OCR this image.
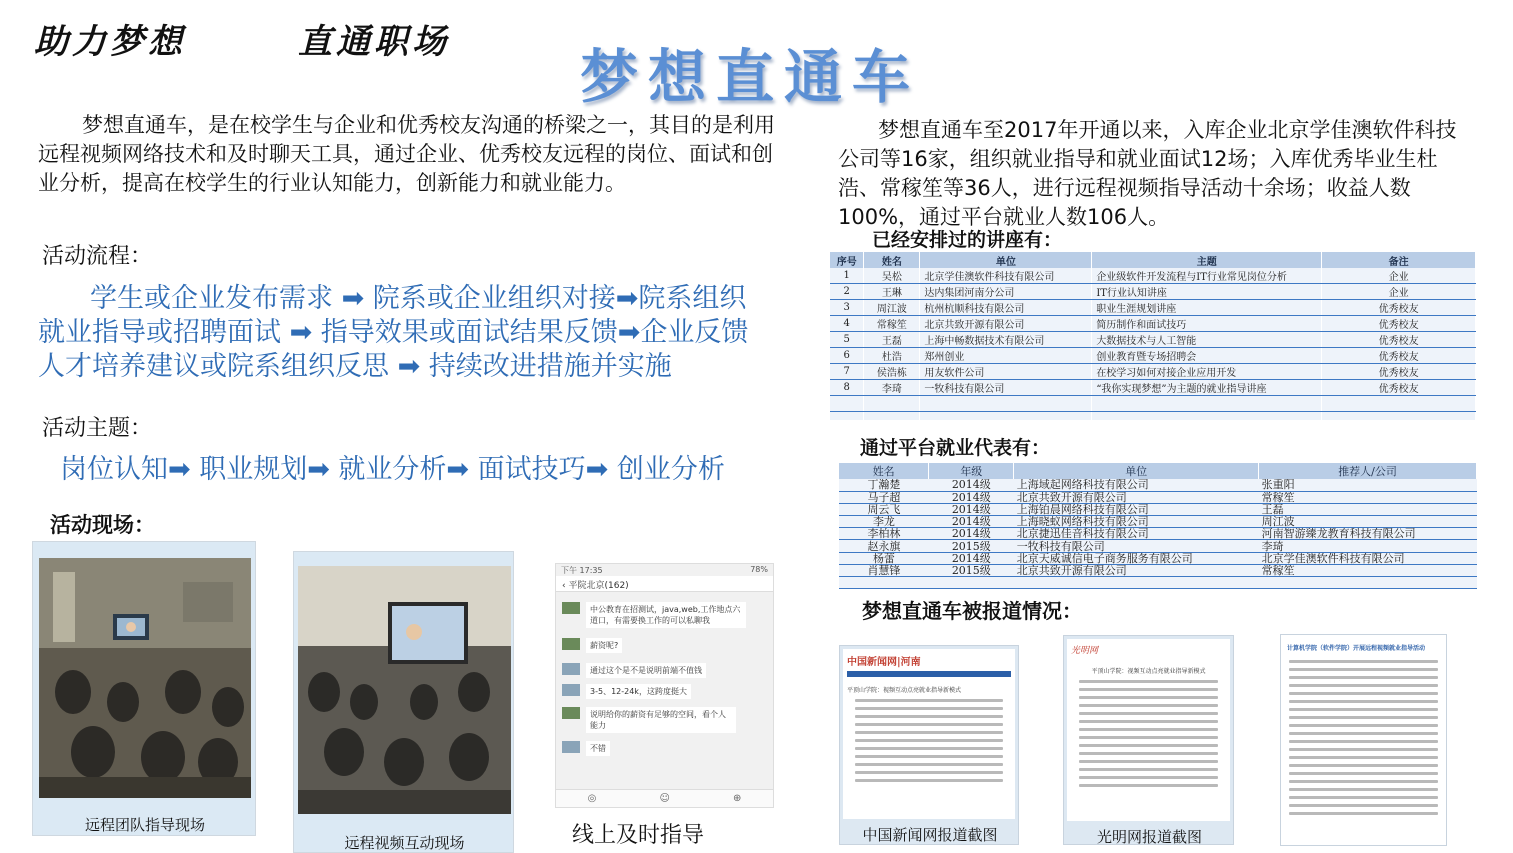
助力梦想	直通职场
梦想直通车
梦想直通车，是在校学生与企业和优秀校友沟通的桥梁之一，其目的是利用远程视频网络技术和及时聊天工具，通过企业、优秀校友远程的岗位、面试和创业分析，提高在校学生的行业认知能力，创新能力和就业能力。
梦想直通车至2017年开通以来，入库企业北京学佳澳软件科技公司等16家，组织就业指导和就业面试12场；入库优秀毕业生杜浩、常稼笙等36人，进行远程视频指导活动十余场；收益人数100%，通过平台就业人数106人。
活动流程：
学生或企业发布需求 ➡ 院系或企业组织对接➡院系组织就业指导或招聘面试 ➡ 指导效果或面试结果反馈➡企业反馈人才培养建议或院系组织反思 ➡ 持续改进措施并实施
活动主题：
岗位认知➡ 职业规划➡ 就业分析➡ 面试技巧➡ 创业分析
活动现场：
远程团队指导现场
远程视频互动现场
下午 17:35	78%
‹ 平院北京(162)
中公教育在招测试，java,web,工作地点六道口，有需要换工作的可以私聊我
薪资呢?
通过这个是不是说明前端不值钱
3-5、12-24k，这跨度挺大
说明给你的薪资有足够的空间，看个人能力
不错
◎	☺	⊕
线上及时指导
已经安排过的讲座有：
序号	姓名	单位	主题	备注
1	吴松	北京学佳澳软件科技有限公司	企业级软件开发流程与IT行业常见岗位分析	企业
2	王琳	达内集团河南分公司	IT行业认知讲座	企业
3	周江波	杭州杭顺科技有限公司	职业生涯规划讲座	优秀校友
4	常稼笙	北京共致开源有限公司	简历制作和面试技巧	优秀校友
5	王磊	上海中畅数据技术有限公司	大数据技术与人工智能	优秀校友
6	杜浩	郑州创业	创业教育暨专场招聘会	优秀校友
7	侯浩栋	用友软件公司	在校学习如何对接企业应用开发	优秀校友
8	李琦	一牧科技有限公司	“我你实现梦想”为主题的就业指导讲座	优秀校友

通过平台就业代表有：
姓名	年级	单位	推荐人/公司
丁瀚楚	2014级	上海域起网络科技有限公司	张重阳
马子超	2014级	北京共致开源有限公司	常稼笙
周云飞	2014级	上海铂晨网络科技有限公司	王磊
李龙	2014级	上海晓蚁网络科技有限公司	周江波
李柏林	2014级	北京捷迅佳音科技有限公司	河南智游臻龙教育科技有限公司
赵永旗	2015级	一牧科技有限公司	李琦
杨蕾	2014级	北京天威诚信电子商务服务有限公司	北京学佳澳软件科技有限公司
肖慧锋	2015级	北京共致开源有限公司	常稼笙

梦想直通车被报道情况：
中国新闻网|河南
平顶山学院：视频互动点亮就业指导新模式
中国新闻网报道截图
光明网
平顶山学院：视频互动点亮就业指导新模式
光明网报道截图
计算机学院（软件学院）开展远程视频就业指导活动
